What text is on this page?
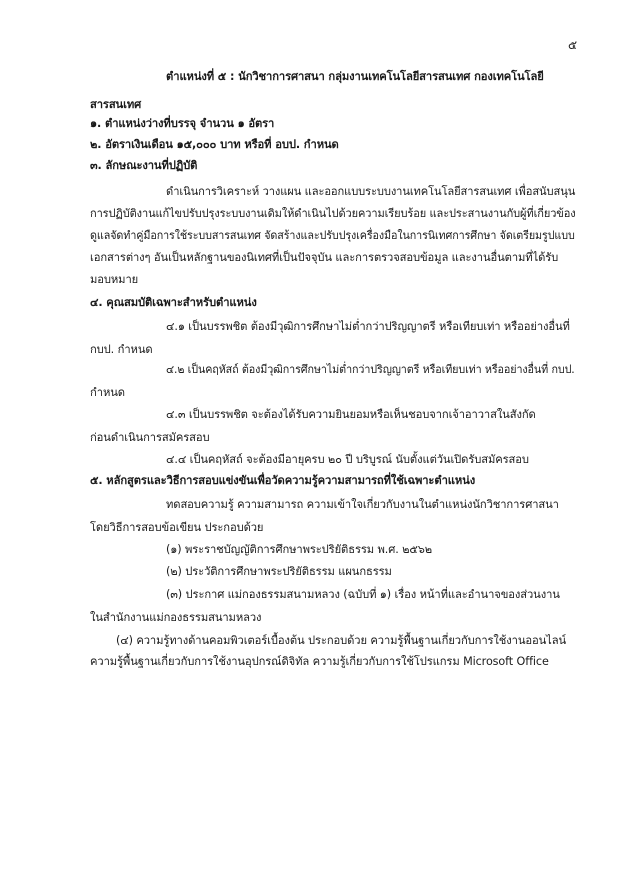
๕
ตำแหน่งที่ ๕ : นักวิชาการศาสนา กลุ่มงานเทคโนโลยีสารสนเทศ กองเทคโนโลยี
สารสนเทศ
๑. ตำแหน่งว่างที่บรรจุ จำนวน ๑ อัตรา
๒. อัตราเงินเดือน ๑๕,๐๐๐ บาท หรือที่ อบป. กำหนด
๓. ลักษณะงานที่ปฏิบัติ
ดำเนินการวิเคราะห์ วางแผน และออกแบบระบบงานเทคโนโลยีสารสนเทศ เพื่อสนับสนุน
การปฏิบัติงานแก้ไขปรับปรุงระบบงานเดิมให้ดำเนินไปด้วยความเรียบร้อย และประสานงานกับผู้ที่เกี่ยวข้อง
ดูแลจัดทำคู่มือการใช้ระบบสารสนเทศ จัดสร้างและปรับปรุงเครื่องมือในการนิเทศการศึกษา จัดเตรียมรูปแบบ
เอกสารต่างๆ อันเป็นหลักฐานของนิเทศที่เป็นปัจจุบัน และการตรวจสอบข้อมูล และงานอื่นตามที่ได้รับ
มอบหมาย
๔. คุณสมบัติเฉพาะสำหรับตำแหน่ง
๔.๑ เป็นบรรพชิต ต้องมีวุฒิการศึกษาไม่ต่ำกว่าปริญญาตรี หรือเทียบเท่า หรืออย่างอื่นที่
กบป. กำหนด
๔.๒ เป็นคฤหัสถ์ ต้องมีวุฒิการศึกษาไม่ต่ำกว่าปริญญาตรี หรือเทียบเท่า หรืออย่างอื่นที่ กบป.
กำหนด
๔.๓ เป็นบรรพชิต จะต้องได้รับความยินยอมหรือเห็นชอบจากเจ้าอาวาสในสังกัด
ก่อนดำเนินการสมัครสอบ
๔.๔ เป็นคฤหัสถ์ จะต้องมีอายุครบ ๒๐ ปี บริบูรณ์ นับตั้งแต่วันเปิดรับสมัครสอบ
๕. หลักสูตรและวิธีการสอบแข่งขันเพื่อวัดความรู้ความสามารถที่ใช้เฉพาะตำแหน่ง
ทดสอบความรู้ ความสามารถ ความเข้าใจเกี่ยวกับงานในตำแหน่งนักวิชาการศาสนา
โดยวิธีการสอบข้อเขียน ประกอบด้วย
(๑) พระราชบัญญัติการศึกษาพระปริยัติธรรม พ.ศ. ๒๕๖๒
(๒) ประวัติการศึกษาพระปริยัติธรรม แผนกธรรม
(๓) ประกาศ แม่กองธรรมสนามหลวง (ฉบับที่ ๑) เรื่อง หน้าที่และอำนาจของส่วนงาน
ในสำนักงานแม่กองธรรมสนามหลวง
(๔) ความรู้ทางด้านคอมพิวเตอร์เบื้องต้น ประกอบด้วย ความรู้พื้นฐานเกี่ยวกับการใช้งานออนไลน์
ความรู้พื้นฐานเกี่ยวกับการใช้งานอุปกรณ์ดิจิทัล ความรู้เกี่ยวกับการใช้โปรแกรม Microsoft Office
